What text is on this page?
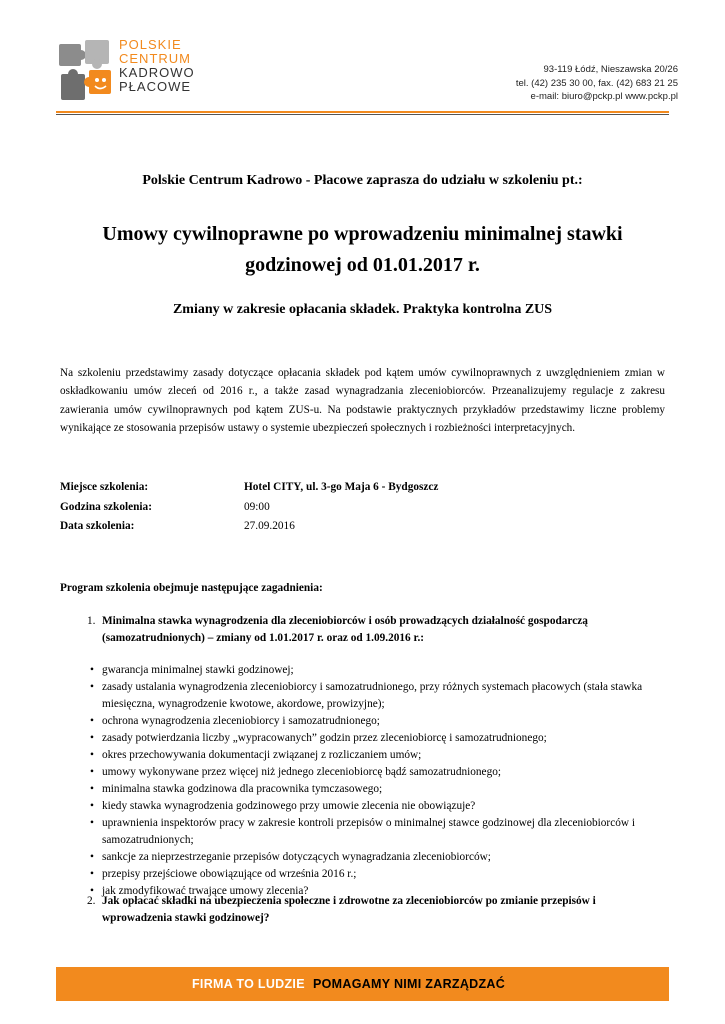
POLSKIE
CENTRUM
KADROWO
PŁACOWE
93-119 Łódź, Nieszawska 20/26
tel. (42) 235 30 00, fax. (42) 683 21 25
e-mail: biuro@pckp.pl www.pckp.pl
Polskie Centrum Kadrowo - Płacowe zaprasza do udziału w szkoleniu pt.:
Umowy cywilnoprawne po wprowadzeniu minimalnej stawki
godzinowej od 01.01.2017 r.
Zmiany w zakresie opłacania składek. Praktyka kontrolna ZUS
Na szkoleniu przedstawimy zasady dotyczące opłacania składek pod kątem umów cywilnoprawnych z uwzględnieniem zmian w oskładkowaniu umów zleceń od 2016 r., a także zasad wynagradzania zleceniobiorców. Przeanalizujemy regulacje z zakresu zawierania umów cywilnoprawnych pod kątem ZUS-u. Na podstawie praktycznych przykładów przedstawimy liczne problemy wynikające ze stosowania przepisów ustawy o systemie ubezpieczeń społecznych i rozbieżności interpretacyjnych.
Miejsce szkolenia:	Hotel CITY, ul. 3-go Maja 6 - Bydgoszcz
Godzina szkolenia:	09:00
Data szkolenia:	27.09.2016
Program szkolenia obejmuje następujące zagadnienia:
1. Minimalna stawka wynagrodzenia dla zleceniobiorców i osób prowadzących działalność gospodarczą (samozatrudnionych) – zmiany od 1.01.2017 r. oraz od 1.09.2016 r.:
• gwarancja minimalnej stawki godzinowej;
• zasady ustalania wynagrodzenia zleceniobiorcy i samozatrudnionego, przy różnych systemach płacowych (stała stawka miesięczna, wynagrodzenie kwotowe, akordowe, prowizyjne);
• ochrona wynagrodzenia zleceniobiorcy i samozatrudnionego;
• zasady potwierdzania liczby „wypracowanych” godzin przez zleceniobiorcę i samozatrudnionego;
• okres przechowywania dokumentacji związanej z rozliczaniem umów;
• umowy wykonywane przez więcej niż jednego zleceniobiorcę bądź samozatrudnionego;
• minimalna stawka godzinowa dla pracownika tymczasowego;
• kiedy stawka wynagrodzenia godzinowego przy umowie zlecenia nie obowiązuje?
• uprawnienia inspektorów pracy w zakresie kontroli przepisów o minimalnej stawce godzinowej dla zleceniobiorców i samozatrudnionych;
• sankcje za nieprzestrzeganie przepisów dotyczących wynagradzania zleceniobiorców;
• przepisy przejściowe obowiązujące od września 2016 r.;
• jak zmodyfikować trwające umowy zlecenia?
2. Jak opłacać składki na ubezpieczenia społeczne i zdrowotne za zleceniobiorców po zmianie przepisów i wprowadzenia stawki godzinowej?
FIRMA TO LUDZIE POMAGAMY NIMI ZARZĄDZAĆ
